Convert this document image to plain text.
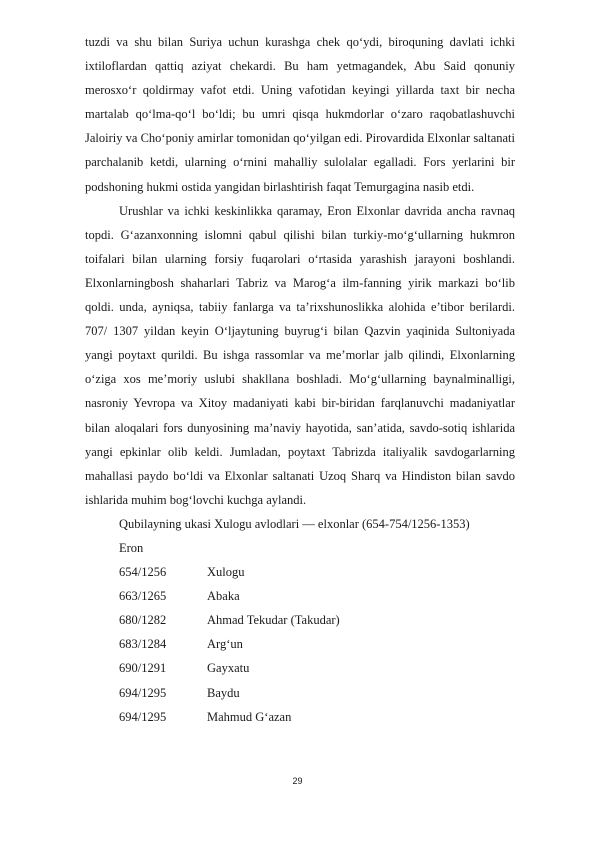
tuzdi va shu bilan Suriya uchun kurashga chek qo‘ydi, biroquning davlati ichki ixtiloflardan qattiq aziyat chekardi. Bu ham yetmagandek, Abu Said qonuniy merosxo‘r qoldirmay vafot etdi. Uning vafotidan keyingi yillarda taxt bir necha martalab qo‘lma-qo‘l bo‘ldi; bu umri qisqa hukmdorlar o‘zaro raqobatlashuvchi Jaloiriy va Cho‘poniy amirlar tomonidan qo‘yilgan edi. Pirovardida Elxonlar saltanati parchalanib ketdi, ularning o‘rnini mahalliy sulolalar egalladi. Fors yerlarini bir podshoning hukmi ostida yangidan birlashtirish faqat Temurgagina nasib etdi.

Urushlar va ichki keskinlikka qaramay, Eron Elxonlar davrida ancha ravnaq topdi. G‘azanxonning islomni qabul qilishi bilan turkiy-mo‘g‘ullarning hukmron toifalari bilan ularning forsiy fuqarolari o‘rtasida yarashish jarayoni boshlandi. Elxonlarningbosh shaharlari Tabriz va Marog‘a ilm-fanning yirik markazi bo‘lib qoldi. unda, ayniqsa, tabiiy fanlarga va ta’rixshunoslikka alohida e’tibor berilardi. 707/ 1307 yildan keyin O‘ljaytuning buyrug‘i bilan Qazvin yaqinida Sultoniyada yangi poytaxt qurildi. Bu ishga rassomlar va me’morlar jalb qilindi, Elxonlarning o‘ziga xos me’moriy uslubi shakllana boshladi. Mo‘g‘ullarning baynalminalligi, nasroniy Yevropa va Xitoy madaniyati kabi bir-biridan farqlanuvchi madaniyatlar bilan aloqalari fors dunyosining ma’naviy hayotida, san’atida, savdo-sotiq ishlarida yangi epkinlar olib keldi. Jumladan, poytaxt Tabrizda italiyalik savdogarlarning mahallasi paydo bo‘ldi va Elxonlar saltanati Uzoq Sharq va Hindiston bilan savdo ishlarida muhim bog‘lovchi kuchga aylandi.

Qubilayning ukasi Xulogu avlodlari — elxonlar (654-754/1256-1353)

Eron

654/1256	Xulogu
663/1265	Abaka
680/1282	Ahmad Tekudar (Takudar)
683/1284	Arg‘un
690/1291	Gayxatu
694/1295	Baydu
694/1295	Mahmud G‘azan
29
